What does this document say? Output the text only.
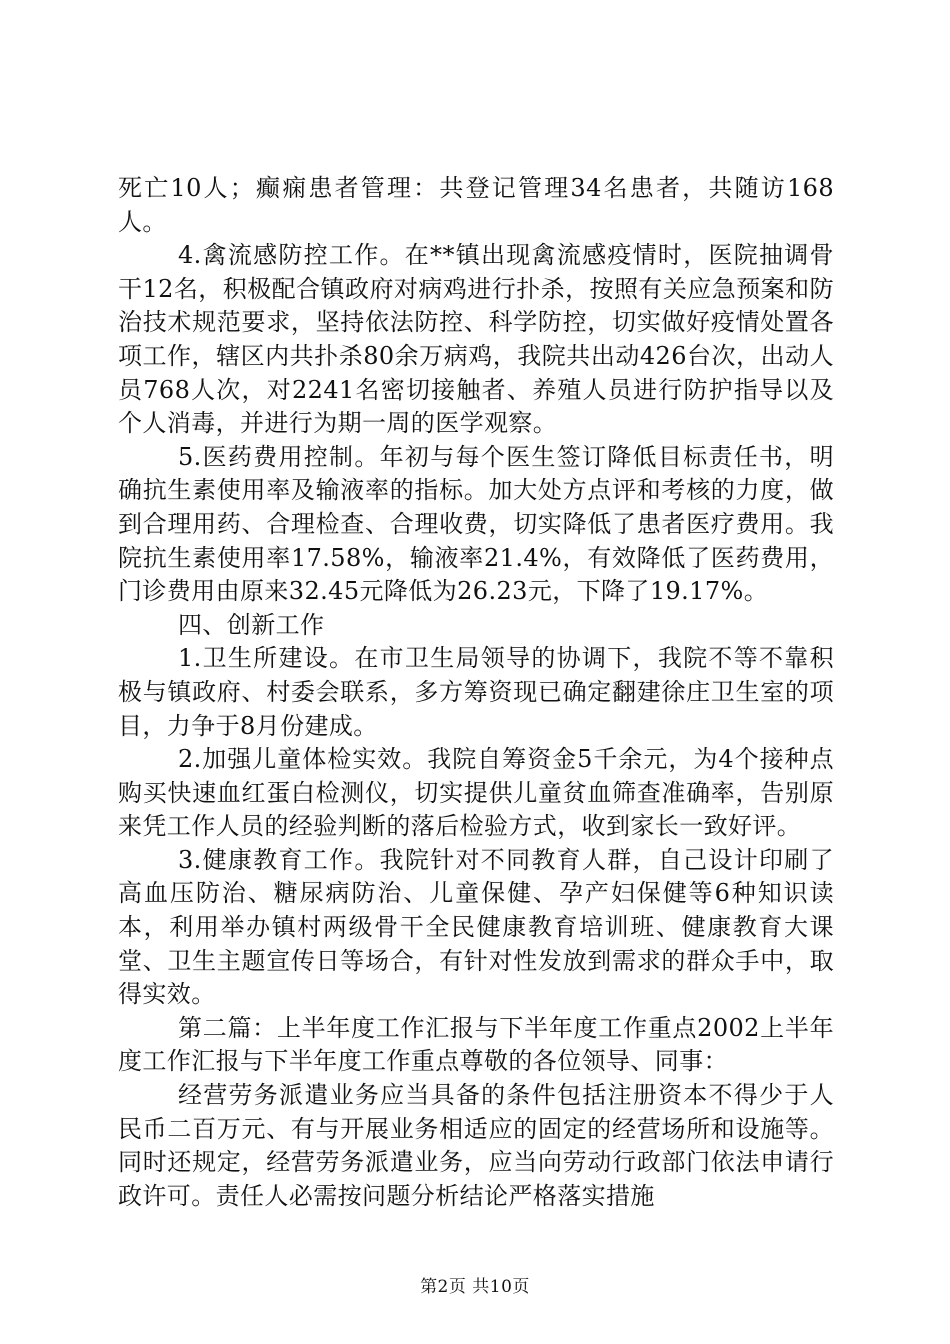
死亡10人；癫痫患者管理：共登记管理34名患者，共随访168人。

4.禽流感防控工作。在**镇出现禽流感疫情时，医院抽调骨干12名，积极配合镇政府对病鸡进行扑杀，按照有关应急预案和防治技术规范要求，坚持依法防控、科学防控，切实做好疫情处置各项工作，辖区内共扑杀80余万病鸡，我院共出动426台次，出动人员768人次，对2241名密切接触者、养殖人员进行防护指导以及个人消毒，并进行为期一周的医学观察。

5.医药费用控制。年初与每个医生签订降低目标责任书，明确抗生素使用率及输液率的指标。加大处方点评和考核的力度，做到合理用药、合理检查、合理收费，切实降低了患者医疗费用。我院抗生素使用率17.58%，输液率21.4%，有效降低了医药费用，门诊费用由原来32.45元降低为26.23元，下降了19.17%。

四、创新工作

1.卫生所建设。在市卫生局领导的协调下，我院不等不靠积极与镇政府、村委会联系，多方筹资现已确定翻建徐庄卫生室的项目，力争于8月份建成。

2.加强儿童体检实效。我院自筹资金5千余元，为4个接种点购买快速血红蛋白检测仪，切实提供儿童贫血筛查准确率，告别原来凭工作人员的经验判断的落后检验方式，收到家长一致好评。

3.健康教育工作。我院针对不同教育人群，自己设计印刷了高血压防治、糖尿病防治、儿童保健、孕产妇保健等6种知识读本，利用举办镇村两级骨干全民健康教育培训班、健康教育大课堂、卫生主题宣传日等场合，有针对性发放到需求的群众手中，取得实效。

第二篇：上半年度工作汇报与下半年度工作重点2002上半年度工作汇报与下半年度工作重点尊敬的各位领导、同事：

经营劳务派遣业务应当具备的条件包括注册资本不得少于人民币二百万元、有与开展业务相适应的固定的经营场所和设施等。同时还规定，经营劳务派遣业务，应当向劳动行政部门依法申请行政许可。责任人必需按问题分析结论严格落实措施

第2页 共10页
